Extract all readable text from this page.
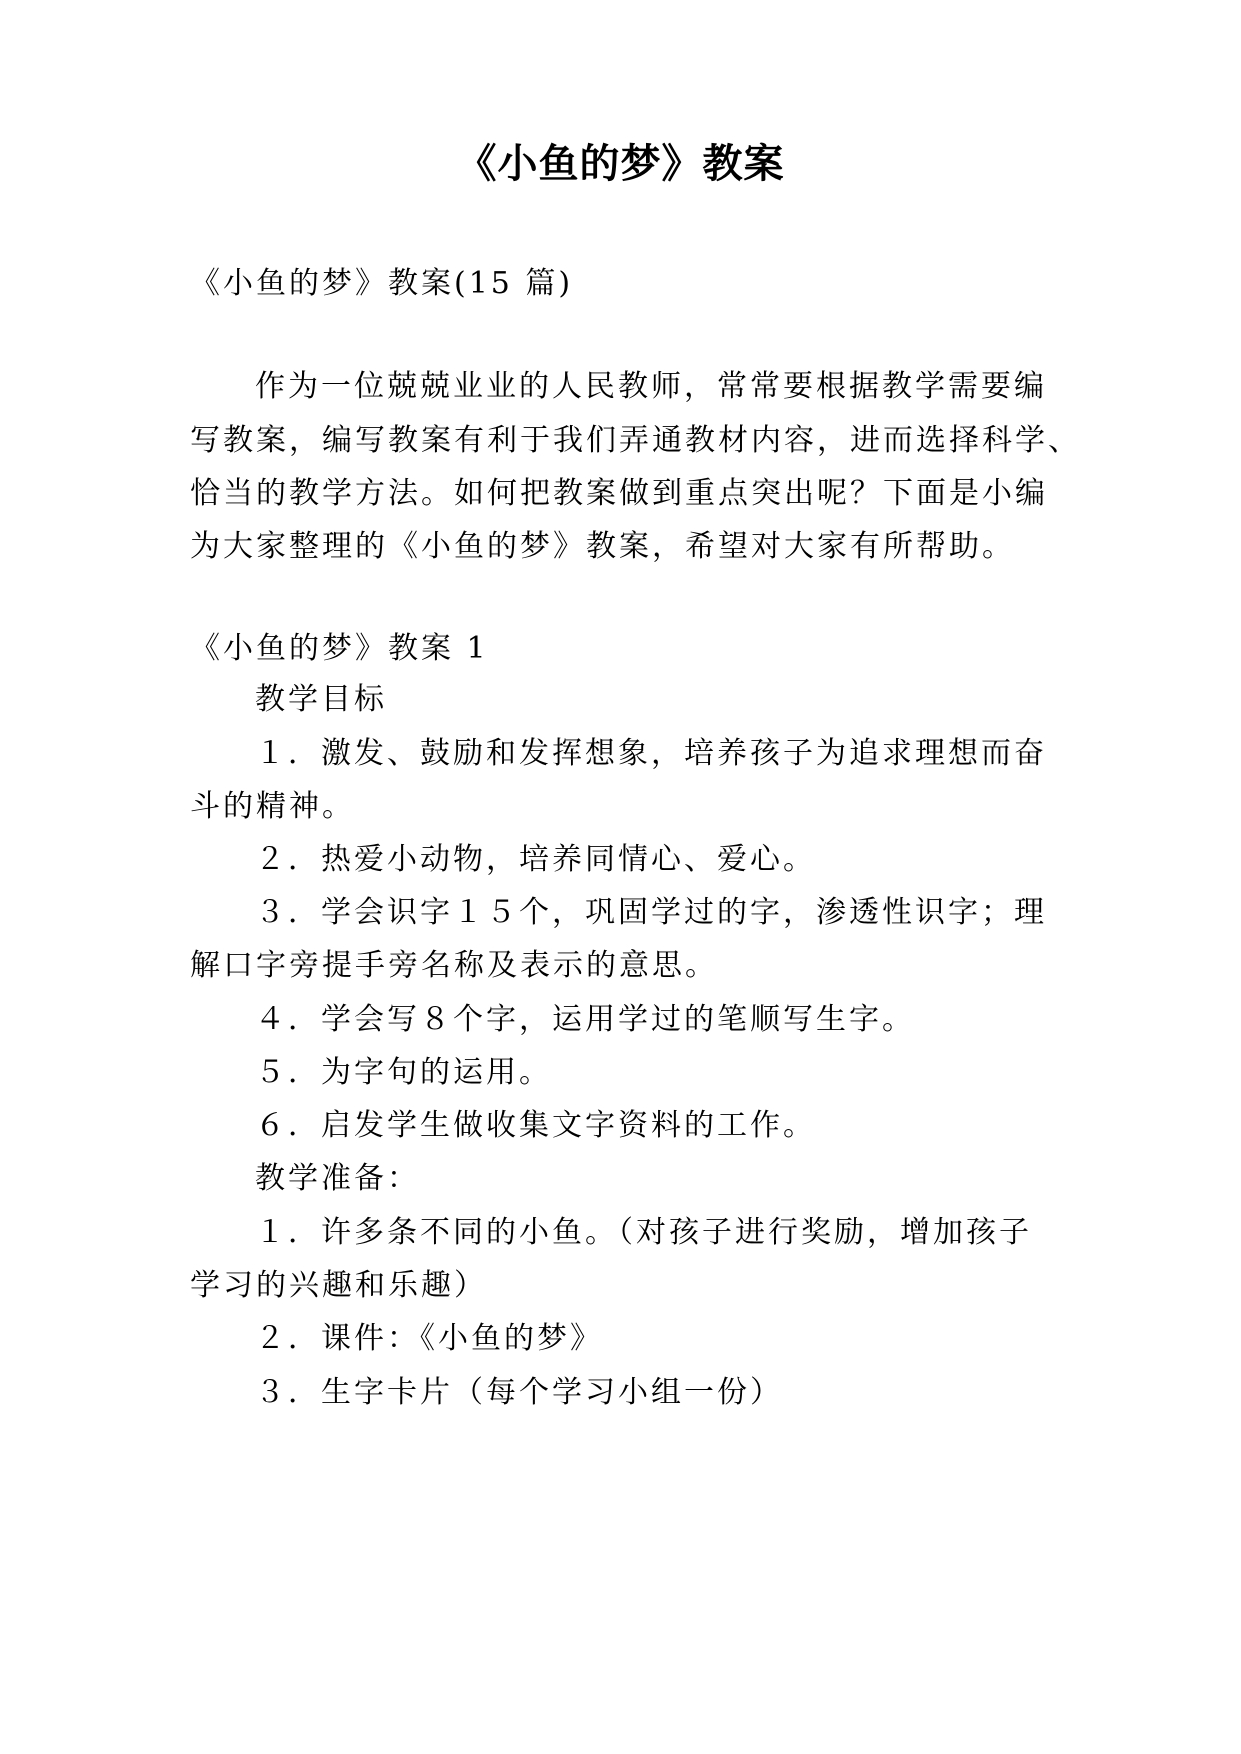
《小鱼的梦》教案
《小鱼的梦》教案(15 篇)
作为一位兢兢业业的人民教师，常常要根据教学需要编
写教案，编写教案有利于我们弄通教材内容，进而选择科学、
恰当的教学方法。如何把教案做到重点突出呢？下面是小编
为大家整理的《小鱼的梦》教案，希望对大家有所帮助。
《小鱼的梦》教案 1
教学目标
１．激发、鼓励和发挥想象，培养孩子为追求理想而奋
斗的精神。
２．热爱小动物，培养同情心、爱心。
３．学会识字１５个，巩固学过的字，渗透性识字；理
解口字旁提手旁名称及表示的意思。
４．学会写８个字，运用学过的笔顺写生字。
５．为字句的运用。
６．启发学生做收集文字资料的工作。
教学准备：
１．许多条不同的小鱼。（对孩子进行奖励，增加孩子
学习的兴趣和乐趣）
２．课件：《小鱼的梦》
３．生字卡片（每个学习小组一份）
